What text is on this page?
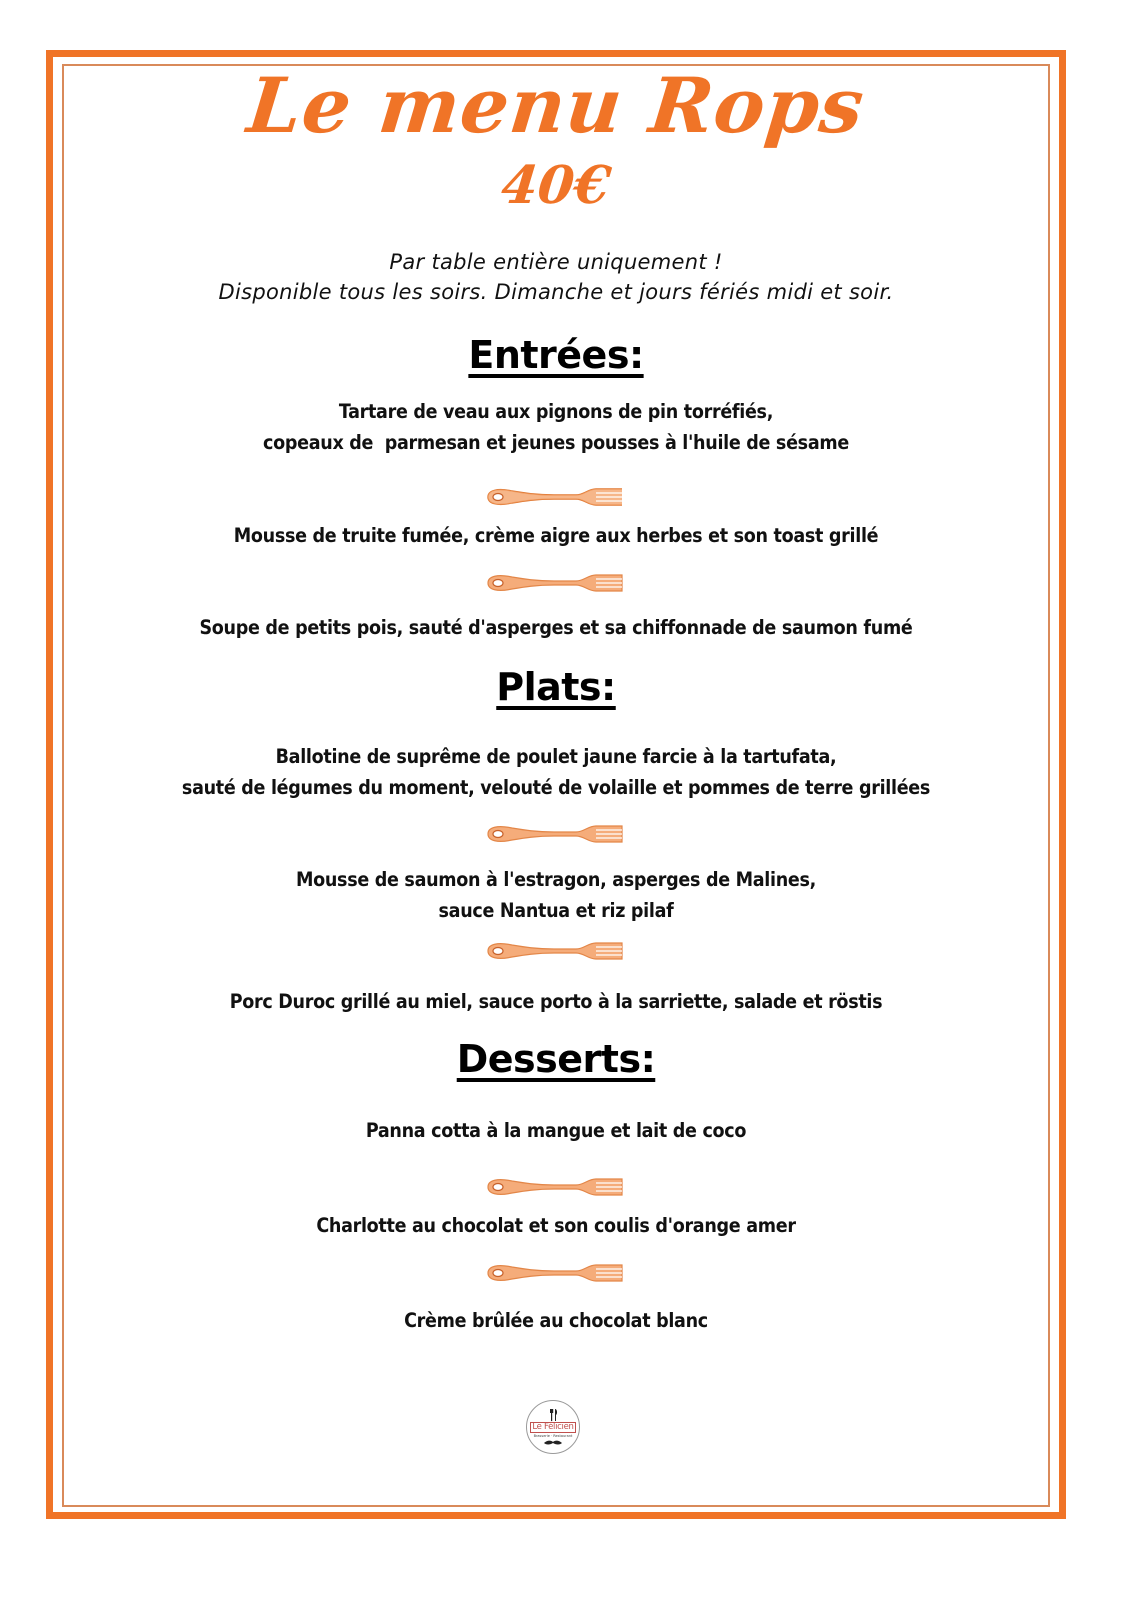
Le menu Rops
40€
Par table entière uniquement !
Disponible tous les soirs. Dimanche et jours fériés midi et soir.
Entrées:
Tartare de veau aux pignons de pin torréfiés,
copeaux de  parmesan et jeunes pousses à l'huile de sésame
Mousse de truite fumée, crème aigre aux herbes et son toast grillé
Soupe de petits pois, sauté d'asperges et sa chiffonnade de saumon fumé
Plats:
Ballotine de suprême de poulet jaune farcie à la tartufata,
sauté de légumes du moment, velouté de volaille et pommes de terre grillées
Mousse de saumon à l'estragon, asperges de Malines,
sauce Nantua et riz pilaf
Porc Duroc grillé au miel, sauce porto à la sarriette, salade et röstis
Desserts:
Panna cotta à la mangue et lait de coco
Charlotte au chocolat et son coulis d'orange amer
Crème brûlée au chocolat blanc
Le Félicien
Brasserie · Restaurant
